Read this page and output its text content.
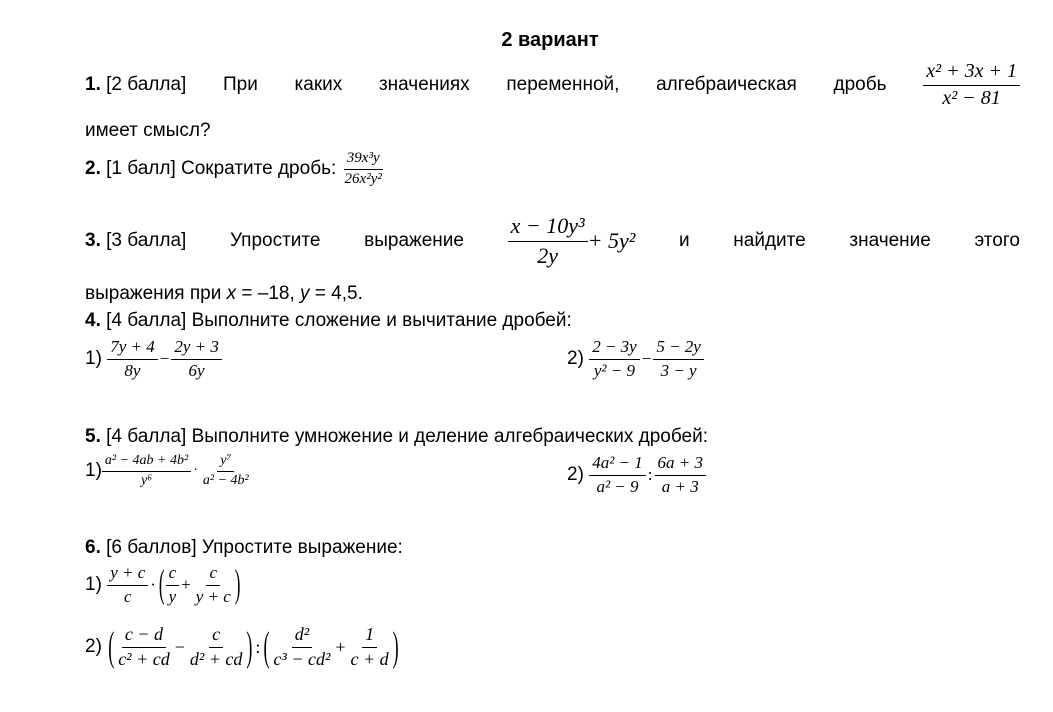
2 вариант
1. [2 балла] При каких значениях переменной, алгебраическая дробь $\frac{\text{x² + 3x + 1}}{\text{x² − 81}}$
имеет смысл?
2.
[1 балл] Сократите дробь:
$\frac{\text{39x³y}}{\text{26x²y²}}$
3. [3 балла] Упростите выражение $\frac{\text{x − 10y³}}{2y} + 5y^2$ и найдите значение этого
выражения при x = –18, y = 4,5.
4. [4 балла] Выполните сложение и вычитание дробей:
1)
$\frac{7y + 4}{8y} - \frac{2y + 3}{6y}$	2)
$\frac{2 - 3y}{\text{y² − 9}} - \frac{5 - 2y}{3 - y}$
5. [4 балла] Выполните умножение и деление алгебраических дробей:
$1) \frac{\text{a² − 4ab + 4b²}}{\text{y⁶}} \cdot \frac{\text{y⁷}}{\text{a² − 4b²}}$	2)
$\frac{\text{4a² − 1}}{\text{a² − 9}}$ : $\frac{6a + 3}{a + 3}$
6. [6 баллов] Упростите выражение:
1)
$\frac{y + c}{c}$ · ( $\frac{c}{y} + \frac{c}{y + c}$ )
2)
( $\frac{c - d}{\text{c² + cd}} - \frac{c}{\text{d² + cd}}$ ) : ( $\frac{\text{d²}}{\text{c³ − cd²}} + \frac{1}{c + d}$ )
